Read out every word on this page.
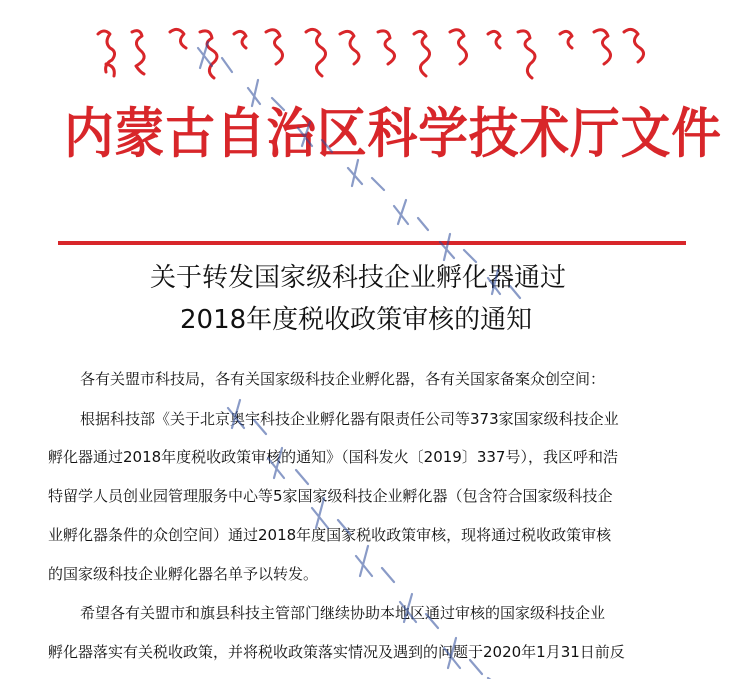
内蒙古自治区科学技术厅文件
关于转发国家级科技企业孵化器通过
2018年度税收政策审核的通知
各有关盟市科技局，各有关国家级科技企业孵化器，各有关国家备案众创空间：
根据科技部《关于北京奥宇科技企业孵化器有限责任公司等373家国家级科技企业
孵化器通过2018年度税收政策审核的通知》（国科发火〔2019〕337号），我区呼和浩
特留学人员创业园管理服务中心等5家国家级科技企业孵化器（包含符合国家级科技企
业孵化器条件的众创空间）通过2018年度国家税收政策审核，现将通过税收政策审核
的国家级科技企业孵化器名单予以转发。
希望各有关盟市和旗县科技主管部门继续协助本地区通过审核的国家级科技企业
孵化器落实有关税收政策，并将税收政策落实情况及遇到的问题于2020年1月31日前反
